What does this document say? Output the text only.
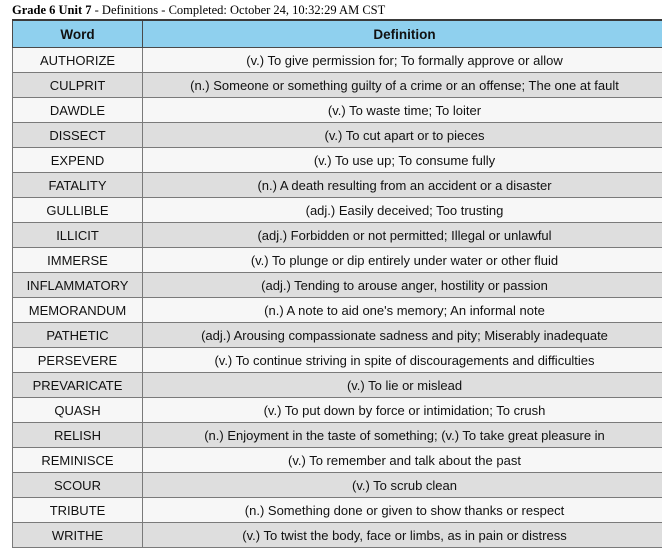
Grade 6 Unit 7 - Definitions - Completed: October 24, 10:32:29 AM CST
Word	Definition
AUTHORIZE	(v.) To give permission for; To formally approve or allow
CULPRIT	(n.) Someone or something guilty of a crime or an offense; The one at fault
DAWDLE	(v.) To waste time; To loiter
DISSECT	(v.) To cut apart or to pieces
EXPEND	(v.) To use up; To consume fully
FATALITY	(n.) A death resulting from an accident or a disaster
GULLIBLE	(adj.) Easily deceived; Too trusting
ILLICIT	(adj.) Forbidden or not permitted; Illegal or unlawful
IMMERSE	(v.) To plunge or dip entirely under water or other fluid
INFLAMMATORY	(adj.) Tending to arouse anger, hostility or passion
MEMORANDUM	(n.) A note to aid one's memory; An informal note
PATHETIC	(adj.) Arousing compassionate sadness and pity; Miserably inadequate
PERSEVERE	(v.) To continue striving in spite of discouragements and difficulties
PREVARICATE	(v.) To lie or mislead
QUASH	(v.) To put down by force or intimidation; To crush
RELISH	(n.) Enjoyment in the taste of something; (v.) To take great pleasure in
REMINISCE	(v.) To remember and talk about the past
SCOUR	(v.) To scrub clean
TRIBUTE	(n.) Something done or given to show thanks or respect
WRITHE	(v.) To twist the body, face or limbs, as in pain or distress
